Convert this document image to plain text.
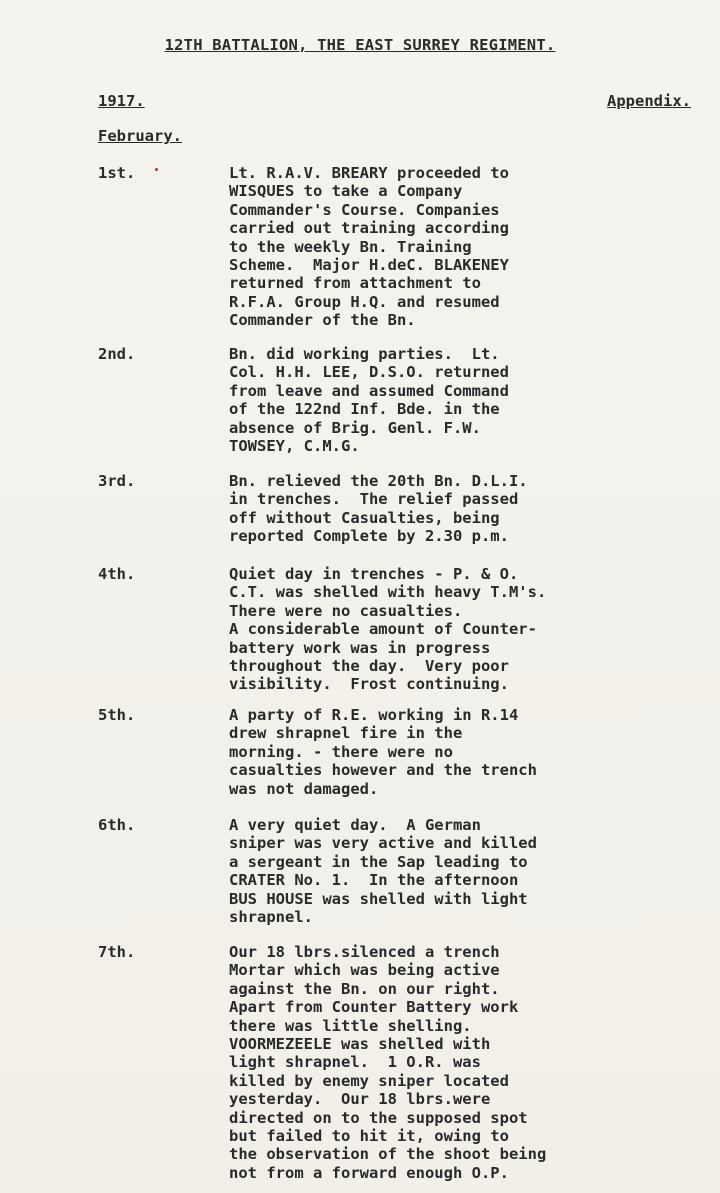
12TH BATTALION, THE EAST SURREY REGIMENT.
1917.	Appendix.
February.
1st.	Lt. R.A.V. BREARY proceeded to
WISQUES to take a Company
Commander's Course. Companies
carried out training according
to the weekly Bn. Training
Scheme.  Major H.deC. BLAKENEY
returned from attachment to
R.F.A. Group H.Q. and resumed
Commander of the Bn.
2nd.	Bn. did working parties.  Lt.
Col. H.H. LEE, D.S.O. returned
from leave and assumed Command
of the 122nd Inf. Bde. in the
absence of Brig. Genl. F.W.
TOWSEY, C.M.G.
3rd.	Bn. relieved the 20th Bn. D.L.I.
in trenches.  The relief passed
off without Casualties, being
reported Complete by 2.30 p.m.
4th.	Quiet day in trenches - P. & O.
C.T. was shelled with heavy T.M's.
There were no casualties.
A considerable amount of Counter-
battery work was in progress
throughout the day.  Very poor
visibility.  Frost continuing.
5th.	A party of R.E. working in R.14
drew shrapnel fire in the
morning. - there were no
casualties however and the trench
was not damaged.
6th.	A very quiet day.  A German
sniper was very active and killed
a sergeant in the Sap leading to
CRATER No. 1.  In the afternoon
BUS HOUSE was shelled with light
shrapnel.
7th.	Our 18 lbrs.silenced a trench
Mortar which was being active
against the Bn. on our right.
Apart from Counter Battery work
there was little shelling.
VOORMEZEELE was shelled with
light shrapnel.  1 O.R. was
killed by enemy sniper located
yesterday.  Our 18 lbrs.were
directed on to the supposed spot
but failed to hit it, owing to
the observation of the shoot being
not from a forward enough O.P.
